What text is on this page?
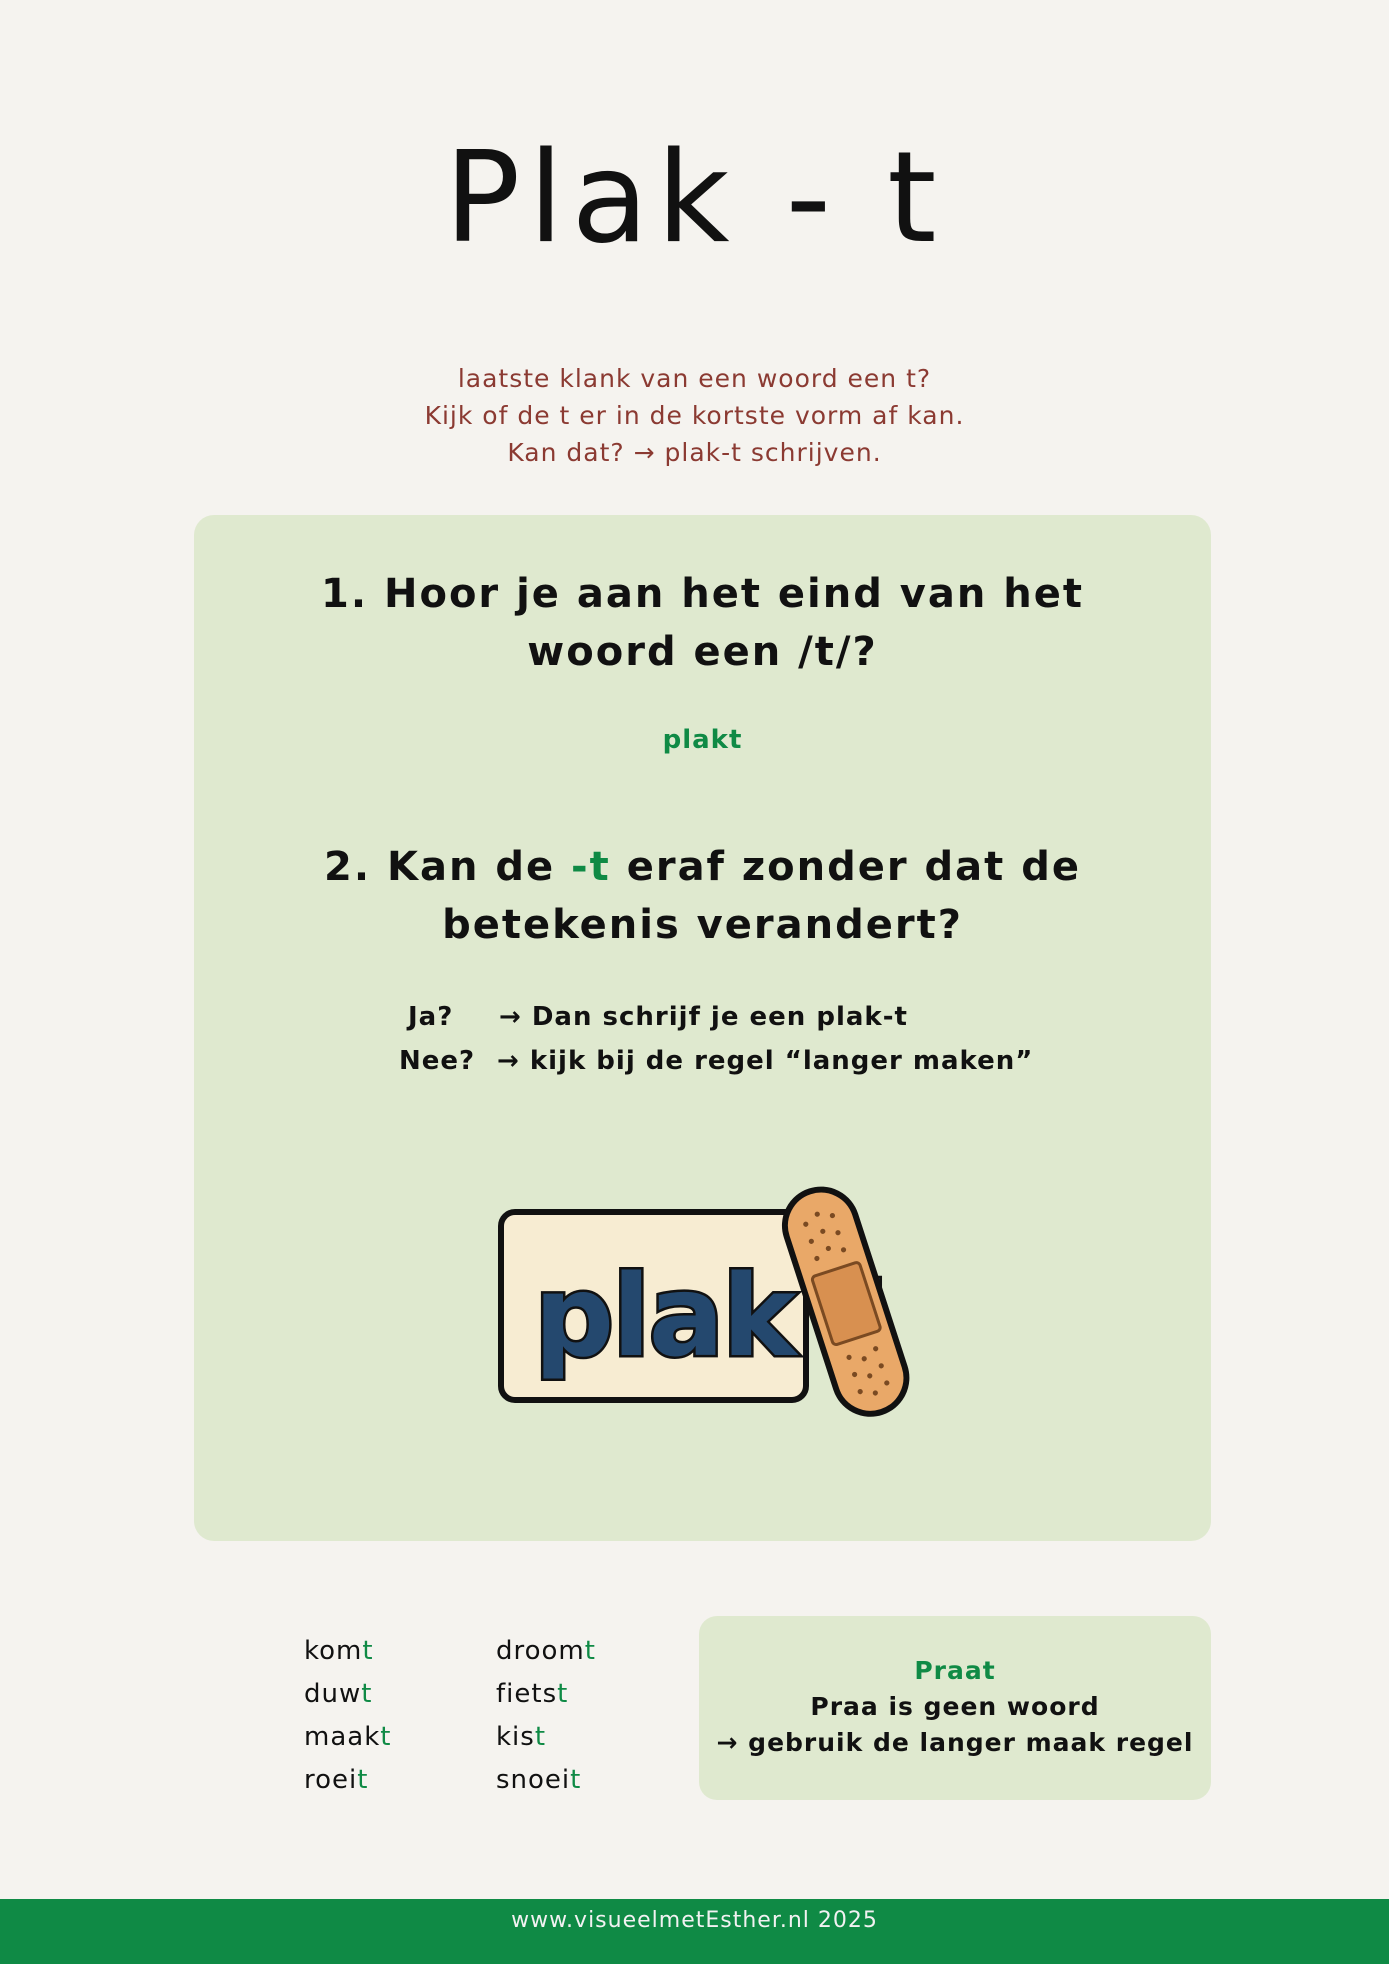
Plak - t
laatste klank van een woord een t?
Kijk of de t er in de kortste vorm af kan.
Kan dat? → plak-t schrijven.
1. Hoor je aan het eind van het woord een /t/?
plakt
2. Kan de -t eraf zonder dat de betekenis verandert?
Ja? → Dan schrijf je een plak-t
Nee? → kijk bij de regel “langer maken”
plak
komt
duwt
maakt
roeit
droomt
fietst
kist
snoeit
Praat
Praa is geen woord
→ gebruik de langer maak regel
www.visueelmetEsther.nl 2025
